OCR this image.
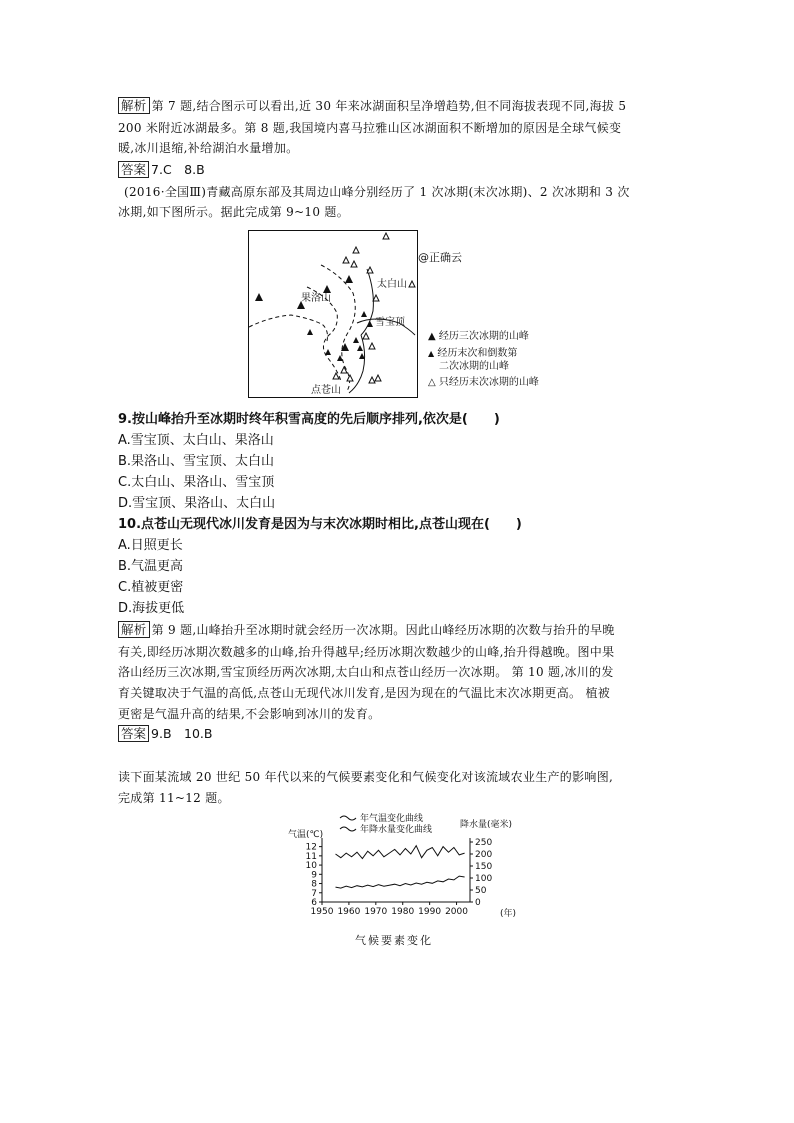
解析 第 7 题,结合图示可以看出,近 30 年来冰湖面积呈净增趋势,但不同海拔表现不同,海拔 5
200 米附近冰湖最多。第 8 题,我国境内喜马拉雅山区冰湖面积不断增加的原因是全球气候变
暖,冰川退缩,补给湖泊水量增加。
答案 7.C　8.B
(2016·全国Ⅲ)青藏高原东部及其周边山峰分别经历了 1 次冰期(末次冰期)、2 次冰期和 3 次
冰期,如下图所示。据此完成第 9~10 题。
太白山
果洛山
雪宝顶
点苍山
@正确云
▲ 经历三次冰期的山峰
▲ 经历末次和倒数第
二次冰期的山峰
△ 只经历末次冰期的山峰
9.按山峰抬升至冰期时终年积雪高度的先后顺序排列,依次是(　　)
A.雪宝顶、太白山、果洛山
B.果洛山、雪宝顶、太白山
C.太白山、果洛山、雪宝顶
D.雪宝顶、果洛山、太白山
10.点苍山无现代冰川发育是因为与末次冰期时相比,点苍山现在(　　)
A.日照更长
B.气温更高
C.植被更密
D.海拔更低
解析 第 9 题,山峰抬升至冰期时就会经历一次冰期。因此山峰经历冰期的次数与抬升的早晚
有关,即经历冰期次数越多的山峰,抬升得越早;经历冰期次数越少的山峰,抬升得越晚。图中果
洛山经历三次冰期,雪宝顶经历两次冰期,太白山和点苍山经历一次冰期。 第 10 题,冰川的发
育关键取决于气温的高低,点苍山无现代冰川发育,是因为现在的气温比末次冰期更高。 植被
更密是气温升高的结果,不会影响到冰川的发育。
答案 9.B　10.B
读下面某流域 20 世纪 50 年代以来的气候要素变化和气候变化对该流域农业生产的影响图,
完成第 11~12 题。
年气温变化曲线
年降水量变化曲线
气温(℃)
降水量(毫米)
1950 1960 1970 1980 1990 2000
6
7
8
9
10
11
12
0
50
100
150
200
250
(年)
气候要素变化
